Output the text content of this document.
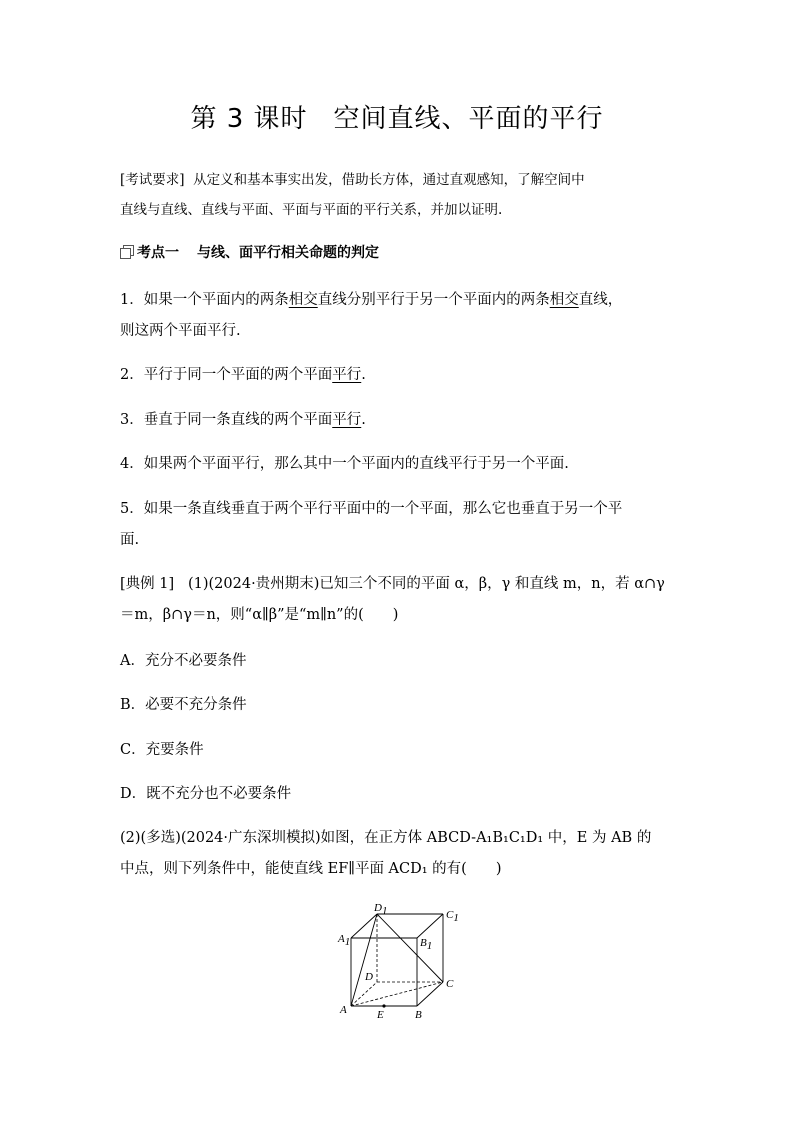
第 3 课时 空间直线、平面的平行
[考试要求] 从定义和基本事实出发，借助长方体，通过直观感知，了解空间中
直线与直线、直线与平面、平面与平面的平行关系，并加以证明.
考点一 与线、面平行相关命题的判定
1．如果一个平面内的两条相交直线分别平行于另一个平面内的两条相交直线，
则这两个平面平行.
2．平行于同一个平面的两个平面平行.
3．垂直于同一条直线的两个平面平行.
4．如果两个平面平行，那么其中一个平面内的直线平行于另一个平面.
5．如果一条直线垂直于两个平行平面中的一个平面，那么它也垂直于另一个平
面.
[典例 1] (1)(2024·贵州期末)已知三个不同的平面 α，β，γ 和直线 m，n，若 α∩γ
＝m，β∩γ＝n，则“α∥β”是“m∥n”的(　　)
A．充分不必要条件
B．必要不充分条件
C．充要条件
D．既不充分也不必要条件
(2)(多选)(2024·广东深圳模拟)如图，在正方体 ABCD-A₁B₁C₁D₁ 中，E 为 AB 的
中点，则下列条件中，能使直线 EF∥平面 ACD₁ 的有(　　)
D1	C1
A1	B1
D
C
A	B
E
